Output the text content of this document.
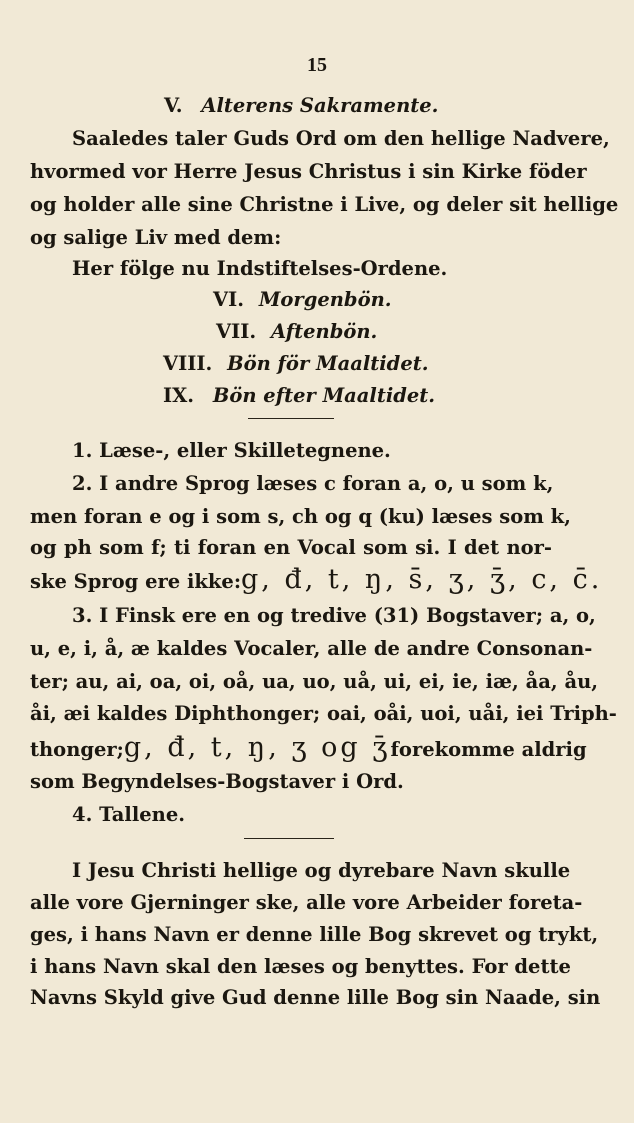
15
V. Alterens Sakramente.
Saaledes taler Guds Ord om den hellige Nadvere,
hvormed vor Herre Jesus Christus i sin Kirke föder
og holder alle sine Christne i Live, og deler sit hellige
og salige Liv med dem:
Her fölge nu Indstiftelses-Ordene.
VI. Morgenbön.
VII. Aftenbön.
VIII. Bön för Maaltidet.
IX. Bön efter Maaltidet.
1. Læse-, eller Skilletegnene.
2. I andre Sprog læses c foran a, o, u som k,
men foran e og i som s, ch og q (ku) læses som k,
og ph som f; ti foran en Vocal som si. I det nor-
ske Sprog ere ikke: g, đ, t, ŋ, s̄, ʒ, ʒ̄, c, c̄.
3. I Finsk ere en og tredive (31) Bogstaver; a, o,
u, e, i, å, æ kaldes Vocaler, alle de andre Consonan-
ter; au, ai, oa, oi, oå, ua, uo, uå, ui, ei, ie, iæ, åa, åu,
åi, æi kaldes Diphthonger; oai, oåi, uoi, uåi, iei Triph-
thonger; g, đ, t, ŋ, ʒ og ʒ̄ forekomme aldrig
som Begyndelses-Bogstaver i Ord.
4. Tallene.
I Jesu Christi hellige og dyrebare Navn skulle
alle vore Gjerninger ske, alle vore Arbeider foreta-
ges, i hans Navn er denne lille Bog skrevet og trykt,
i hans Navn skal den læses og benyttes. For dette
Navns Skyld give Gud denne lille Bog sin Naade, sin
